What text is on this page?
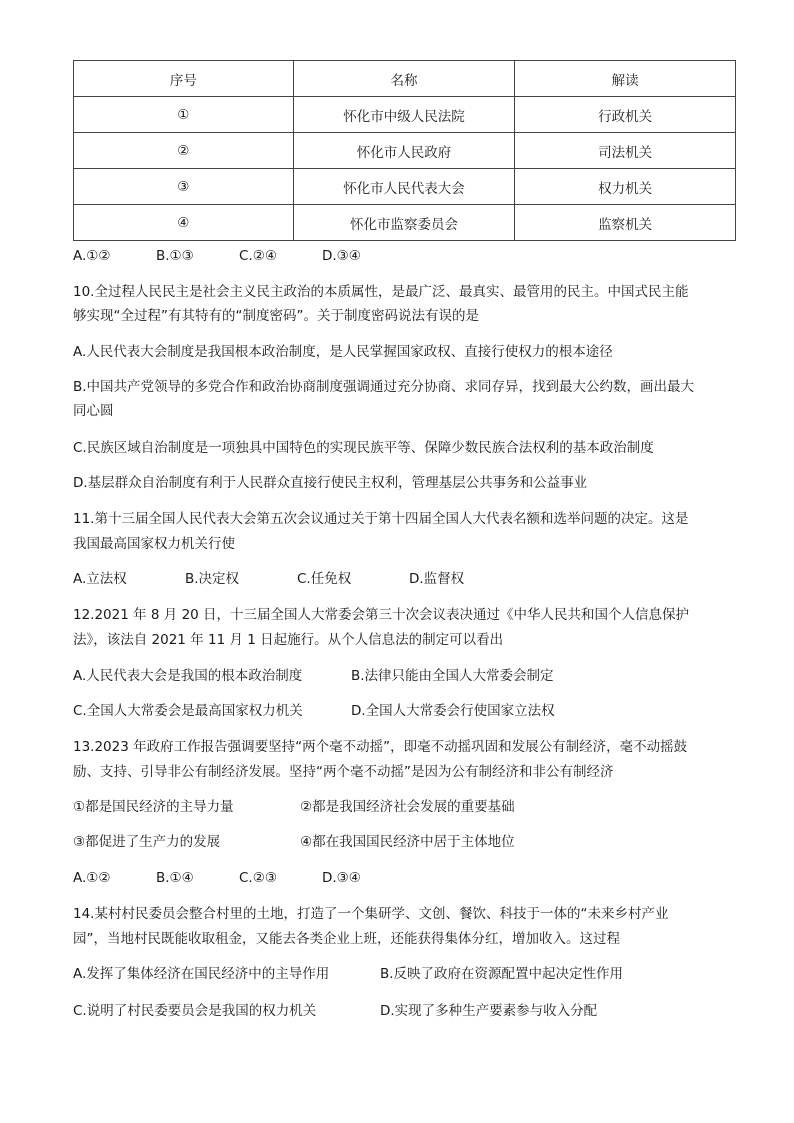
序号	名称	解读
①	怀化市中级人民法院	行政机关
②	怀化市人民政府	司法机关
③	怀化市人民代表大会	权力机关
④	怀化市监察委员会	监察机关
A.①②	B.①③	C.②④	D.③④
10.全过程人民民主是社会主义民主政治的本质属性，是最广泛、最真实、最管用的民主。中国式民主能
够实现“全过程”有其特有的“制度密码”。关于制度密码说法有误的是
A.人民代表大会制度是我国根本政治制度，是人民掌握国家政权、直接行使权力的根本途径
B.中国共产党领导的多党合作和政治协商制度强调通过充分协商、求同存异，找到最大公约数，画出最大
同心圆
C.民族区域自治制度是一项独具中国特色的实现民族平等、保障少数民族合法权利的基本政治制度
D.基层群众自治制度有利于人民群众直接行使民主权利，管理基层公共事务和公益事业
11.第十三届全国人民代表大会第五次会议通过关于第十四届全国人大代表名额和选举问题的决定。这是
我国最高国家权力机关行使
A.立法权	B.决定权	C.任免权	D.监督权
12.2021 年 8 月 20 日，十三届全国人大常委会第三十次会议表决通过《中华人民共和国个人信息保护
法》，该法自 2021 年 11 月 1 日起施行。从个人信息法的制定可以看出
A.人民代表大会是我国的根本政治制度	B.法律只能由全国人大常委会制定
C.全国人大常委会是最高国家权力机关	D.全国人大常委会行使国家立法权
13.2023 年政府工作报告强调要坚持“两个毫不动摇”，即毫不动摇巩固和发展公有制经济，毫不动摇鼓
励、支持、引导非公有制经济发展。坚持“两个毫不动摇”是因为公有制经济和非公有制经济
①都是国民经济的主导力量	②都是我国经济社会发展的重要基础
③都促进了生产力的发展	④都在我国国民经济中居于主体地位
A.①②	B.①④	C.②③	D.③④
14.某村村民委员会整合村里的土地，打造了一个集研学、文创、餐饮、科技于一体的“未来乡村产业
园”，当地村民既能收取租金，又能去各类企业上班，还能获得集体分红，增加收入。这过程
A.发挥了集体经济在国民经济中的主导作用	B.反映了政府在资源配置中起决定性作用
C.说明了村民委要员会是我国的权力机关	D.实现了多种生产要素参与收入分配
